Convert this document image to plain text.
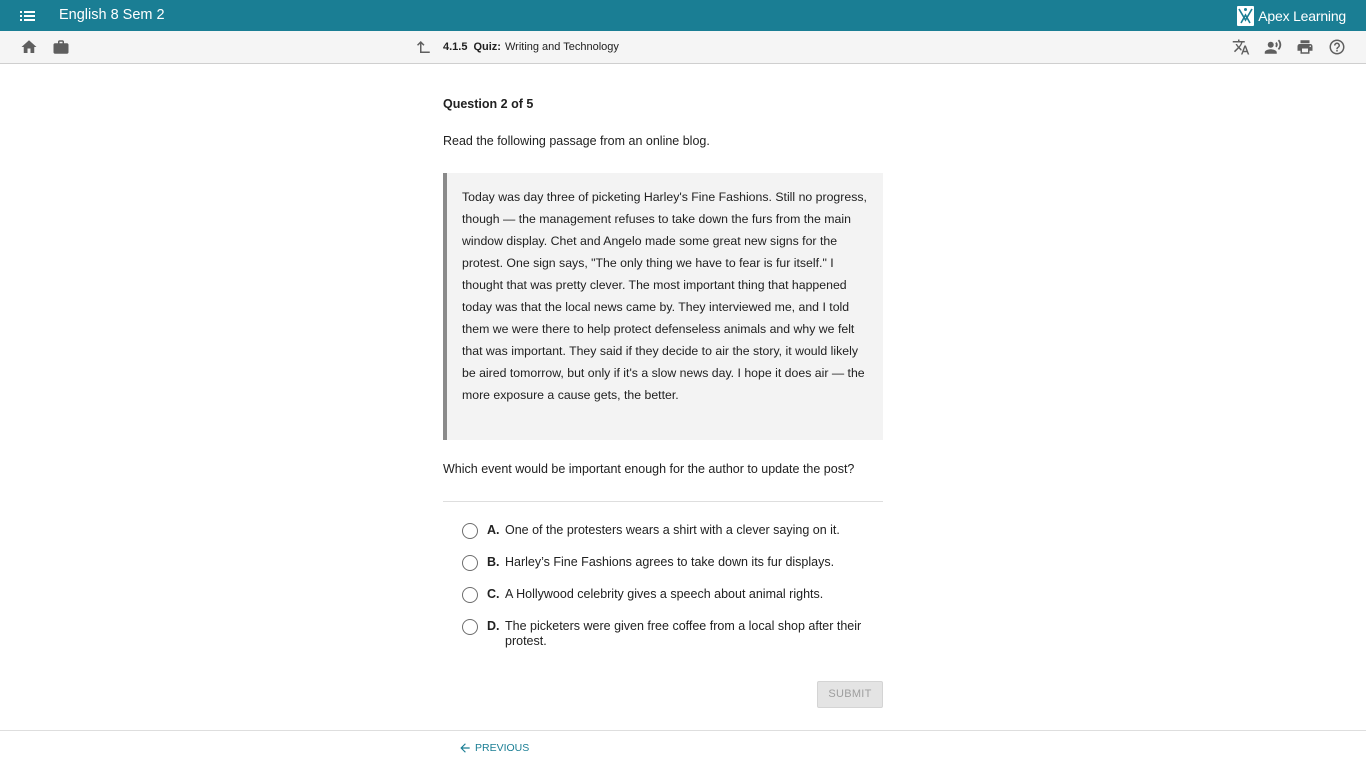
English 8 Sem 2	Apex Learning
4.1.5 Quiz: Writing and Technology
Question 2 of 5
Read the following passage from an online blog.
Today was day three of picketing Harley's Fine Fashions. Still no progress, though — the management refuses to take down the furs from the main window display. Chet and Angelo made some great new signs for the protest. One sign says, "The only thing we have to fear is fur itself." I thought that was pretty clever. The most important thing that happened today was that the local news came by. They interviewed me, and I told them we were there to help protect defenseless animals and why we felt that was important. They said if they decide to air the story, it would likely be aired tomorrow, but only if it's a slow news day. I hope it does air — the more exposure a cause gets, the better.
Which event would be important enough for the author to update the post?
A. One of the protesters wears a shirt with a clever saying on it.
B. Harley’s Fine Fashions agrees to take down its fur displays.
C. A Hollywood celebrity gives a speech about animal rights.
D. The picketers were given free coffee from a local shop after their protest.
SUBMIT
PREVIOUS
